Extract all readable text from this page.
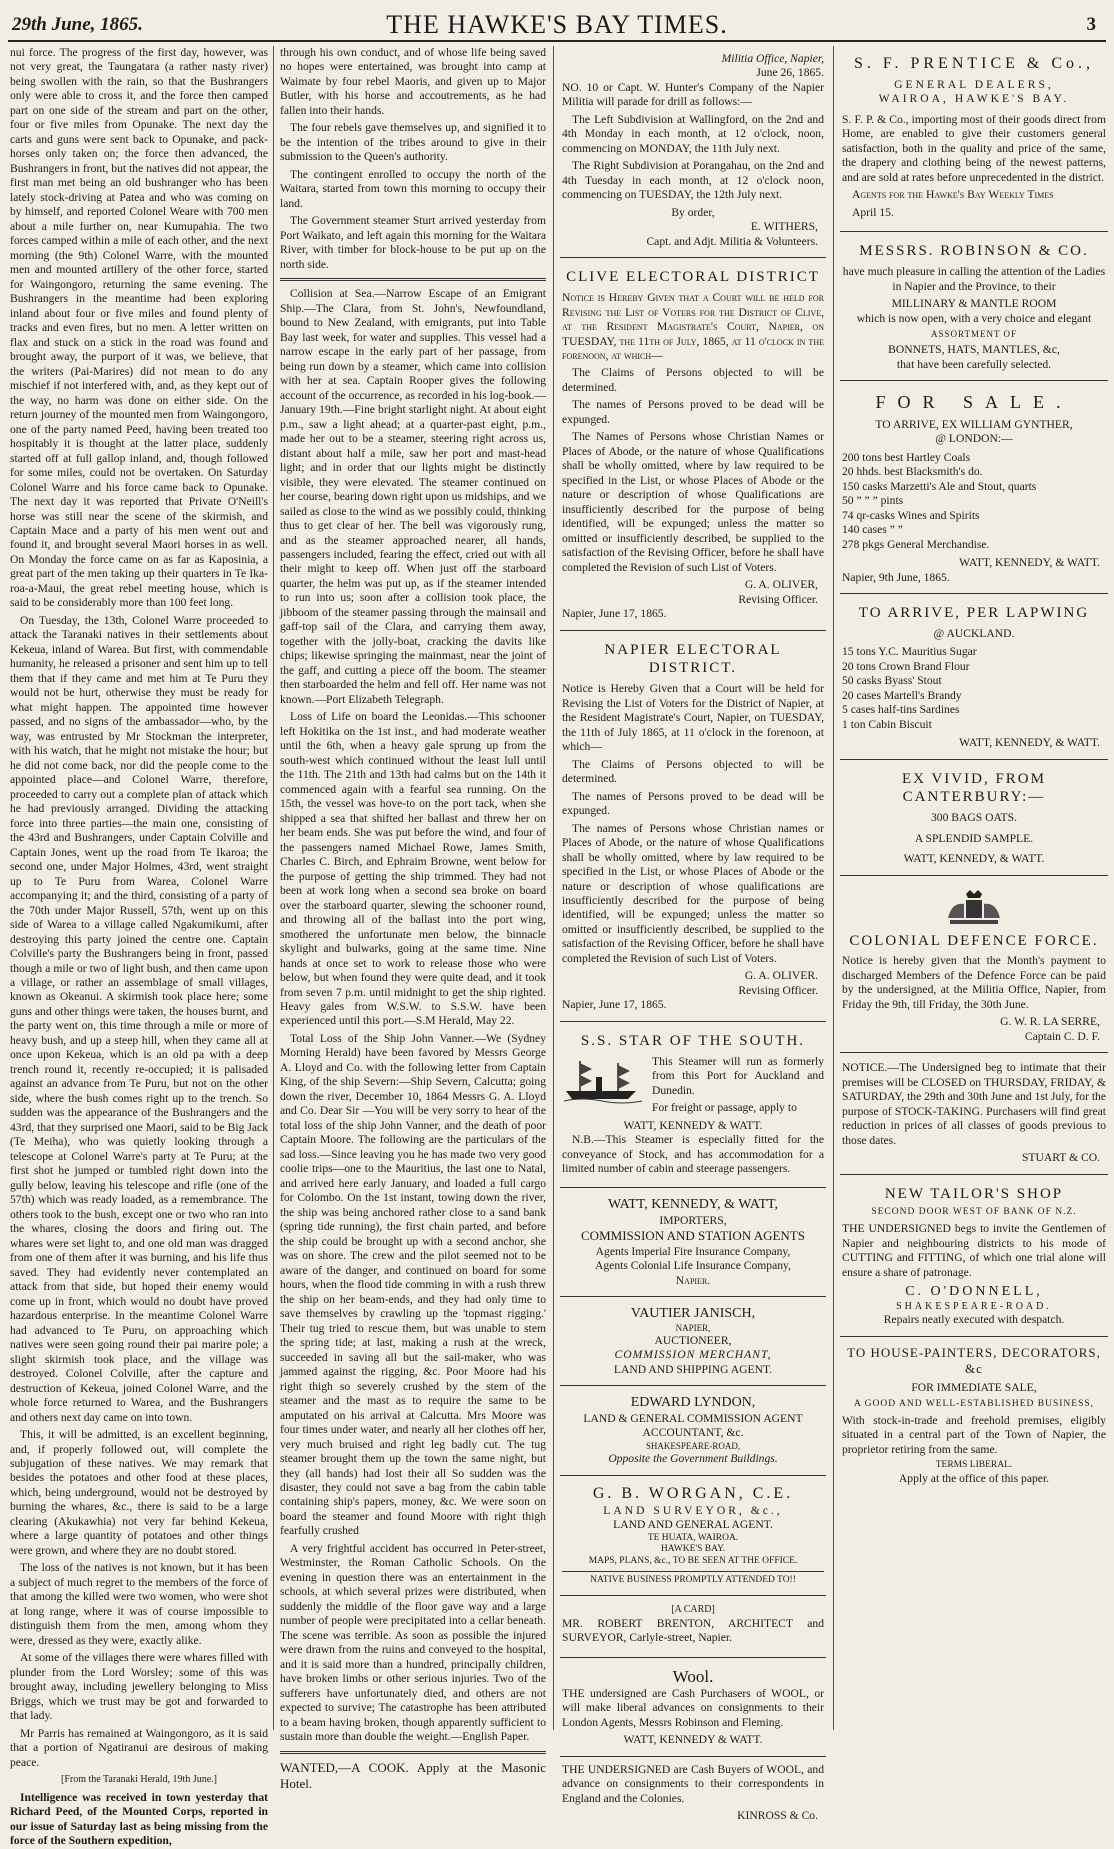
29th June, 1865.	THE HAWKE'S BAY TIMES.	3

nui force. The progress of the first day, however, was not very great, the Taungatara (a rather nasty river) being swollen with the rain, so that the Bushrangers only were able to cross it, and the force then camped part on one side of the stream and part on the other, four or five miles from Opunake. The next day the carts and guns were sent back to Opunake, and pack-horses only taken on; the force then advanced, the Bushrangers in front, but the natives did not appear, the first man met being an old bushranger who has been lately stock-driving at Patea and who was coming on by himself, and reported Colonel Weare with 700 men about a mile further on, near Kumupahia. The two forces camped within a mile of each other, and the next morning (the 9th) Colonel Warre, with the mounted men and mounted artillery of the other force, started for Waingongoro, returning the same evening. The Bushrangers in the meantime had been exploring inland about four or five miles and found plenty of tracks and even fires, but no men. A letter written on flax and stuck on a stick in the road was found and brought away, the purport of it was, we believe, that the writers (Pai-Marires) did not mean to do any mischief if not interfered with, and, as they kept out of the way, no harm was done on either side. On the return journey of the mounted men from Waingongoro, one of the party named Peed, having been treated too hospitably it is thought at the latter place, suddenly started off at full gallop inland, and, though followed for some miles, could not be overtaken. On Saturday Colonel Warre and his force came back to Opunake. The next day it was reported that Private O'Neill's horse was still near the scene of the skirmish, and Captain Mace and a party of his men went out and found it, and brought several Maori horses in as well. On Monday the force came on as far as Kaposinia, a great part of the men taking up their quarters in Te Ika-roa-a-Maui, the great rebel meeting house, which is said to be considerably more than 100 feet long.

On Tuesday, the 13th, Colonel Warre proceeded to attack the Taranaki natives in their settlements about Kekeua, inland of Warea. But first, with commendable humanity, he released a prisoner and sent him up to tell them that if they came and met him at Te Puru they would not be hurt, otherwise they must be ready for what might happen. The appointed time however passed, and no signs of the ambassador—who, by the way, was entrusted by Mr Stockman the interpreter, with his watch, that he might not mistake the hour; but he did not come back, nor did the people come to the appointed place—and Colonel Warre, therefore, proceeded to carry out a complete plan of attack which he had previously arranged. Dividing the attacking force into three parties—the main one, consisting of the 43rd and Bushrangers, under Captain Colville and Captain Jones, went up the road from Te Ikaroa; the second one, under Major Holmes, 43rd, went straight up to Te Puru from Warea, Colonel Warre accompanying it; and the third, consisting of a party of the 70th under Major Russell, 57th, went up on this side of Warea to a village called Ngakumikumi, after destroying this party joined the centre one. Captain Colville's party the Bushrangers being in front, passed though a mile or two of light bush, and then came upon a village, or rather an assemblage of small villages, known as Okeanui. A skirmish took place here; some guns and other things were taken, the houses burnt, and the party went on, this time through a mile or more of heavy bush, and up a steep hill, when they came all at once upon Kekeua, which is an old pa with a deep trench round it, recently re-occupied; it is palisaded against an advance from Te Puru, but not on the other side, where the bush comes right up to the trench. So sudden was the appearance of the Bushrangers and the 43rd, that they surprised one Maori, said to be Big Jack (Te Meiha), who was quietly looking through a telescope at Colonel Warre's party at Te Puru; at the first shot he jumped or tumbled right down into the gully below, leaving his telescope and rifle (one of the 57th) which was ready loaded, as a remembrance. The others took to the bush, except one or two who ran into the whares, closing the doors and firing out. The whares were set light to, and one old man was dragged from one of them after it was burning, and his life thus saved. They had evidently never contemplated an attack from that side, but hoped their enemy would come up in front, which would no doubt have proved hazardous enterprise. In the meantime Colonel Warre had advanced to Te Puru, on approaching which natives were seen going round their pai marire pole; a slight skirmish took place, and the village was destroyed. Colonel Colville, after the capture and destruction of Kekeua, joined Colonel Warre, and the whole force returned to Warea, and the Bushrangers and others next day came on into town.

This, it will be admitted, is an excellent beginning, and, if properly followed out, will complete the subjugation of these natives. We may remark that besides the potatoes and other food at these places, which, being underground, would not be destroyed by burning the whares, &c., there is said to be a large clearing (Akukawhia) not very far behind Kekeua, where a large quantity of potatoes and other things were grown, and where they are no doubt stored.

The loss of the natives is not known, but it has been a subject of much regret to the members of the force of that among the killed were two women, who were shot at long range, where it was of course impossible to distinguish them from the men, among whom they were, dressed as they were, exactly alike.

At some of the villages there were whares filled with plunder from the Lord Worsley; some of this was brought away, including jewellery belonging to Miss Briggs, which we trust may be got and forwarded to that lady.

Mr Parris has remained at Waingongoro, as it is said that a portion of Ngatiranui are desirous of making peace.

[From the Taranaki Herald, 19th June.]

Intelligence was received in town yesterday that Richard Peed, of the Mounted Corps, reported in our issue of Saturday last as being missing from the force of the Southern expedition,

through his own conduct, and of whose life being saved no hopes were entertained, was brought into camp at Waimate by four rebel Maoris, and given up to Major Butler, with his horse and accoutrements, as he had fallen into their hands.

The four rebels gave themselves up, and signified it to be the intention of the tribes around to give in their submission to the Queen's authority.

The contingent enrolled to occupy the north of the Waitara, started from town this morning to occupy their land.

The Government steamer Sturt arrived yesterday from Port Waikato, and left again this morning for the Waitara River, with timber for block-house to be put up on the north side.

Collision at Sea.—Narrow Escape of an Emigrant Ship.—The Clara, from St. John's, Newfoundland, bound to New Zealand, with emigrants, put into Table Bay last week, for water and supplies. This vessel had a narrow escape in the early part of her passage, from being run down by a steamer, which came into collision with her at sea. Captain Rooper gives the following account of the occurrence, as recorded in his log-book.—January 19th.—Fine bright starlight night. At about eight p.m., saw a light ahead; at a quarter-past eight, p.m., made her out to be a steamer, steering right across us, distant about half a mile, saw her port and mast-head light; and in order that our lights might be distinctly visible, they were elevated. The steamer continued on her course, bearing down right upon us midships, and we sailed as close to the wind as we possibly could, thinking thus to get clear of her. The bell was vigorously rung, and as the steamer approached nearer, all hands, passengers included, fearing the effect, cried out with all their might to keep off. When just off the starboard quarter, the helm was put up, as if the steamer intended to run into us; soon after a collision took place, the jibboom of the steamer passing through the mainsail and gaff-top sail of the Clara, and carrying them away, together with the jolly-boat, cracking the davits like chips; likewise springing the mainmast, near the joint of the gaff, and cutting a piece off the boom. The steamer then starboarded the helm and fell off. Her name was not known.—Port Elizabeth Telegraph.

Loss of Life on board the Leonidas.—This schooner left Hokitika on the 1st inst., and had moderate weather until the 6th, when a heavy gale sprung up from the south-west which continued without the least lull until the 11th. The 21th and 13th had calms but on the 14th it commenced again with a fearful sea running. On the 15th, the vessel was hove-to on the port tack, when she shipped a sea that shifted her ballast and threw her on her beam ends. She was put before the wind, and four of the passengers named Michael Rowe, James Smith, Charles C. Birch, and Ephraim Browne, went below for the purpose of getting the ship trimmed. They had not been at work long when a second sea broke on board over the starboard quarter, slewing the schooner round, and throwing all of the ballast into the port wing, smothered the unfortunate men below, the binnacle skylight and bulwarks, going at the same time. Nine hands at once set to work to release those who were below, but when found they were quite dead, and it took from seven 7 p.m. until midnight to get the ship righted. Heavy gales from W.S.W. to S.S.W. have been experienced until this port.—S.M Herald, May 22.

Total Loss of the Ship John Vanner.—We (Sydney Morning Herald) have been favored by Messrs George A. Lloyd and Co. with the following letter from Captain King, of the ship Severn:—Ship Severn, Calcutta; going down the river, December 10, 1864 Messrs G. A. Lloyd and Co. Dear Sir —You will be very sorry to hear of the total loss of the ship John Vanner, and the death of poor Captain Moore. The following are the particulars of the sad loss.—Since leaving you he has made two very good coolie trips—one to the Mauritius, the last one to Natal, and arrived here early January, and loaded a full cargo for Colombo. On the 1st instant, towing down the river, the ship was being anchored rather close to a sand bank (spring tide running), the first chain parted, and before the ship could be brought up with a second anchor, she was on shore. The crew and the pilot seemed not to be aware of the danger, and continued on board for some hours, when the flood tide comming in with a rush threw the ship on her beam-ends, and they had only time to save themselves by crawling up the 'topmast rigging.' Their tug tried to rescue them, but was unable to stem the spring tide; at last, making a rush at the wreck, succeeded in saving all but the sail-maker, who was jammed against the rigging, &c. Poor Moore had his right thigh so severely crushed by the stem of the steamer and the mast as to require the same to be amputated on his arrival at Calcutta. Mrs Moore was four times under water, and nearly all her clothes off her, very much bruised and right leg badly cut. The tug steamer brought them up the town the same night, but they (all hands) had lost their all So sudden was the disaster, they could not save a bag from the cabin table containing ship's papers, money, &c. We were soon on board the steamer and found Moore with right thigh fearfully crushed

A very frightful accident has occurred in Peter-street, Westminster, the Roman Catholic Schools. On the evening in question there was an entertainment in the schools, at which several prizes were distributed, when suddenly the middle of the floor gave way and a large number of people were precipitated into a cellar beneath. The scene was terrible. As soon as possible the injured were drawn from the ruins and conveyed to the hospital, and it is said more than a hundred, principally children, have broken limbs or other serious injuries. Two of the sufferers have unfortunately died, and others are not expected to survive; The catastrophe has been attributed to a beam having broken, though apparently sufficient to sustain more than double the weight.—English Paper.

WANTED,—A COOK. Apply at the Masonic Hotel.
Militia Office, Napier,
June 26, 1865.

NO. 10 or Capt. W. Hunter's Company of the Napier Militia will parade for drill as follows:—

The Left Subdivision at Wallingford, on the 2nd and 4th Monday in each month, at 12 o'clock, noon, commencing on MONDAY, the 11th July next.

The Right Subdivision at Porangahau, on the 2nd and 4th Tuesday in each month, at 12 o'clock noon, commencing on TUESDAY, the 12th July next.

By order,
E. WITHERS,
Capt. and Adjt. Militia & Volunteers.
CLIVE ELECTORAL DISTRICT

Notice is Hereby Given that a Court will be held for Revising the List of Voters for the District of Clive, at the Resident Magistrate's Court, Napier, on TUESDAY, the 11th of July, 1865, at 11 o'clock in the forenoon, at which—

The Claims of Persons objected to will be determined.

The names of Persons proved to be dead will be expunged.

The Names of Persons whose Christian Names or Places of Abode, or the nature of whose Qualifications shall be wholly omitted, where by law required to be specified in the List, or whose Places of Abode or the nature or description of whose Qualifications are insufficiently described for the purpose of being identified, will be expunged; unless the matter so omitted or insufficiently described, be supplied to the satisfaction of the Revising Officer, before he shall have completed the Revision of such List of Voters.

G. A. OLIVER,
Revising Officer.
Napier, June 17, 1865.
NAPIER ELECTORAL DISTRICT.

Notice is Hereby Given that a Court will be held for Revising the List of Voters for the District of Napier, at the Resident Magistrate's Court, Napier, on TUESDAY, the 11th of July 1865, at 11 o'clock in the forenoon, at which—

The Claims of Persons objected to will be determined.

The names of Persons proved to be dead will be expunged.

The names of Persons whose Christian names or Places of Abode, or the nature of whose Qualifications shall be wholly omitted, where by law required to be specified in the List, or whose Places of Abode or the nature or description of whose qualifications are insufficiently described for the purpose of being identified, will be expunged; unless the matter so omitted or insufficiently described, be supplied to the satisfaction of the Revising Officer, before he shall have completed the Revision of such List of Voters.

G. A. OLIVER.
Revising Officer.
Napier, June 17, 1865.
S.S. STAR OF THE SOUTH.

This Steamer will run as formerly from this Port for Auckland and Dunedin.

For freight or passage, apply to

WATT, KENNEDY & WATT.

N.B.—This Steamer is especially fitted for the conveyance of Stock, and has accommodation for a limited number of cabin and steerage passengers.

WATT, KENNEDY, & WATT,
IMPORTERS,
COMMISSION AND STATION AGENTS
Agents Imperial Fire Insurance Company,
Agents Colonial Life Insurance Company,
Napier.
VAUTIER JANISCH,
NAPIER,
AUCTIONEER,
COMMISSION MERCHANT,
LAND AND SHIPPING AGENT.
EDWARD LYNDON,
LAND & GENERAL COMMISSION AGENT
ACCOUNTANT, &c.
SHAKESPEARE-ROAD,
Opposite the Government Buildings.
G. B. WORGAN, C.E.
LAND SURVEYOR, &c.,
LAND AND GENERAL AGENT.
TE HUATA, WAIROA.
HAWKE'S BAY.
MAPS, PLANS, &c., TO BE SEEN AT THE OFFICE.
NATIVE BUSINESS PROMPTLY ATTENDED TO!!
[A CARD]

MR. ROBERT BRENTON, ARCHITECT and SURVEYOR, Carlyle-street, Napier.

Wool.

THE undersigned are Cash Purchasers of WOOL, or will make liberal advances on consignments to their London Agents, Messrs Robinson and Fleming.

WATT, KENNEDY & WATT.

THE UNDERSIGNED are Cash Buyers of WOOL, and advance on consignments to their correspondents in England and the Colonies.

KINROSS & Co.
S. F. PRENTICE & Co.,
GENERAL DEALERS,
WAIROA, HAWKE'S BAY.

S. F. P. & Co., importing most of their goods direct from Home, are enabled to give their customers general satisfaction, both in the quality and price of the same, the drapery and clothing being of the newest patterns, and are sold at rates before unprecedented in the district.

Agents for the Hawke's Bay Weekly Times

April 15.

MESSRS. ROBINSON & CO.

have much pleasure in calling the attention of the Ladies in Napier and the Province, to their

MILLINARY & MANTLE ROOM
which is now open, with a very choice and elegant
ASSORTMENT OF
BONNETS, HATS, MANTLES, &c,
that have been carefully selected.
FOR SALE.
TO ARRIVE, EX WILLIAM GYNTHER,
@ LONDON:—
200 tons best Hartley Coals
20 hhds. best Blacksmith's do.
150 casks Marzetti's Ale and Stout, quarts
50 ” ” ” pints
74 qr-casks Wines and Spirits
140 cases ” ”
278 pkgs General Merchandise.
WATT, KENNEDY, & WATT.
Napier, 9th June, 1865.
TO ARRIVE, PER LAPWING
@ AUCKLAND.
15 tons Y.C. Mauritius Sugar
20 tons Crown Brand Flour
50 casks Byass' Stout
20 cases Martell's Brandy
5 cases half-tins Sardines
1 ton Cabin Biscuit
WATT, KENNEDY, & WATT.
EX VIVID, FROM CANTERBURY:—
300 BAGS OATS.
A SPLENDID SAMPLE.
WATT, KENNEDY, & WATT.
COLONIAL DEFENCE FORCE.

Notice is hereby given that the Month's payment to discharged Members of the Defence Force can be paid by the undersigned, at the Militia Office, Napier, from Friday the 9th, till Friday, the 30th June.

G. W. R. LA SERRE,
Captain C. D. F.

NOTICE.—The Undersigned beg to intimate that their premises will be CLOSED on THURSDAY, FRIDAY, & SATURDAY, the 29th and 30th June and 1st July, for the purpose of STOCK-TAKING. Purchasers will find great reduction in prices of all classes of goods previous to those dates.

STUART & CO.
NEW TAILOR'S SHOP
SECOND DOOR WEST OF BANK OF N.Z.

THE UNDERSIGNED begs to invite the Gentlemen of Napier and neighbouring districts to his mode of CUTTING and FITTING, of which one trial alone will ensure a share of patronage.

C. O'DONNELL,
SHAKESPEARE-ROAD.
Repairs neatly executed with despatch.
TO HOUSE-PAINTERS, DECORATORS, &c
FOR IMMEDIATE SALE,
A GOOD AND WELL-ESTABLISHED BUSINESS,

With stock-in-trade and freehold premises, eligibly situated in a central part of the Town of Napier, the proprietor retiring from the same.

TERMS LIBERAL.
Apply at the office of this paper.
